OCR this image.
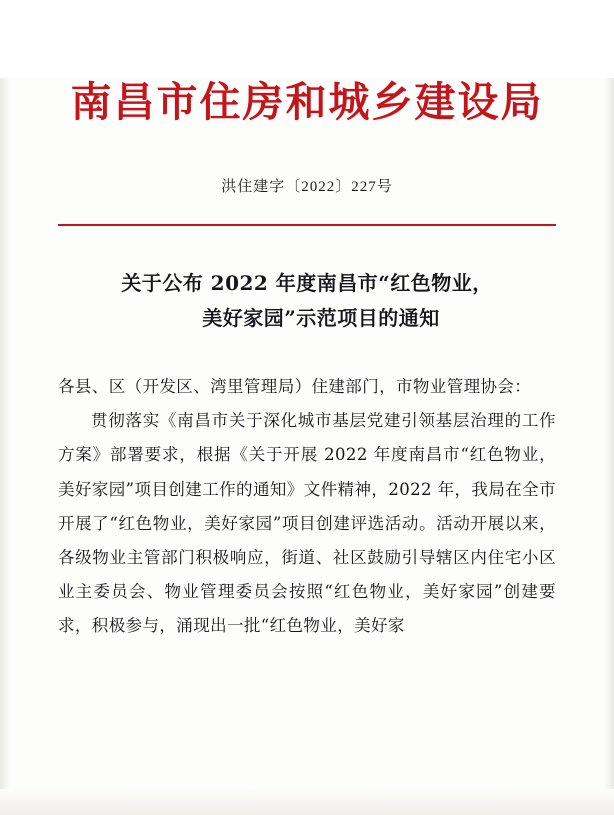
南昌市住房和城乡建设局
洪住建字〔2022〕227号
关于公布 2022 年度南昌市“红色物业，
美好家园”示范项目的通知

各县、区（开发区、湾里管理局）住建部门，市物业管理协会：

贯彻落实《南昌市关于深化城市基层党建引领基层治理的工作方案》部署要求，根据《关于开展 2022 年度南昌市“红色物业，美好家园”项目创建工作的通知》文件精神，2022 年，我局在全市开展了“红色物业，美好家园”项目创建评选活动。活动开展以来，各级物业主管部门积极响应，街道、社区鼓励引导辖区内住宅小区业主委员会、物业管理委员会按照“红色物业，美好家园”创建要求，积极参与，涌现出一批“红色物业，美好家
